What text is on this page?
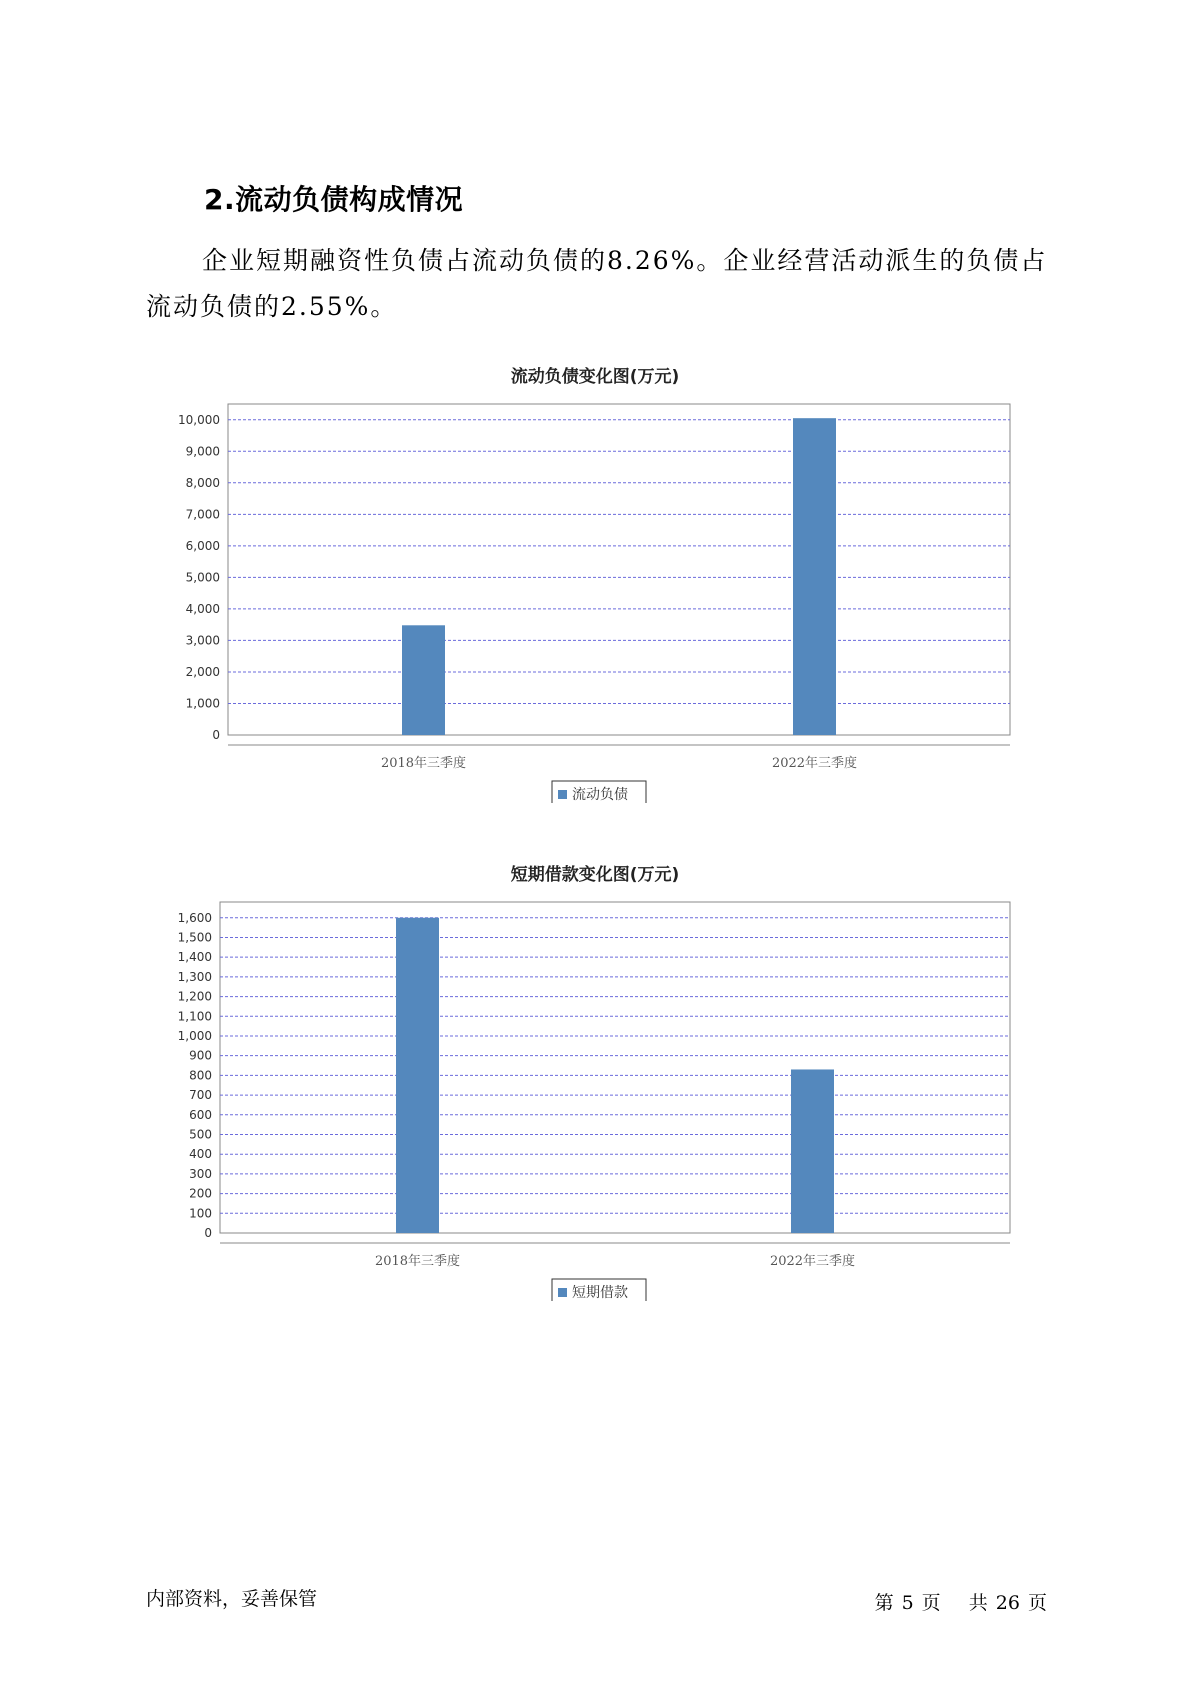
2.流动负债构成情况

企业短期融资性负债占流动负债的8.26%。企业经营活动派生的负债占流动负债的2.55%。

流动负债变化图(万元)
0
1,000
2,000
3,000
4,000
5,000
6,000
7,000
8,000
9,000
10,000
2018年三季度	2022年三季度
流动负债
短期借款变化图(万元)
0
100
200
300
400
500
600
700
800
900
1,000
1,100
1,200
1,300
1,400
1,500
1,600
2018年三季度	2022年三季度
短期借款
内部资料，妥善保管	第 5 页 共 26 页
